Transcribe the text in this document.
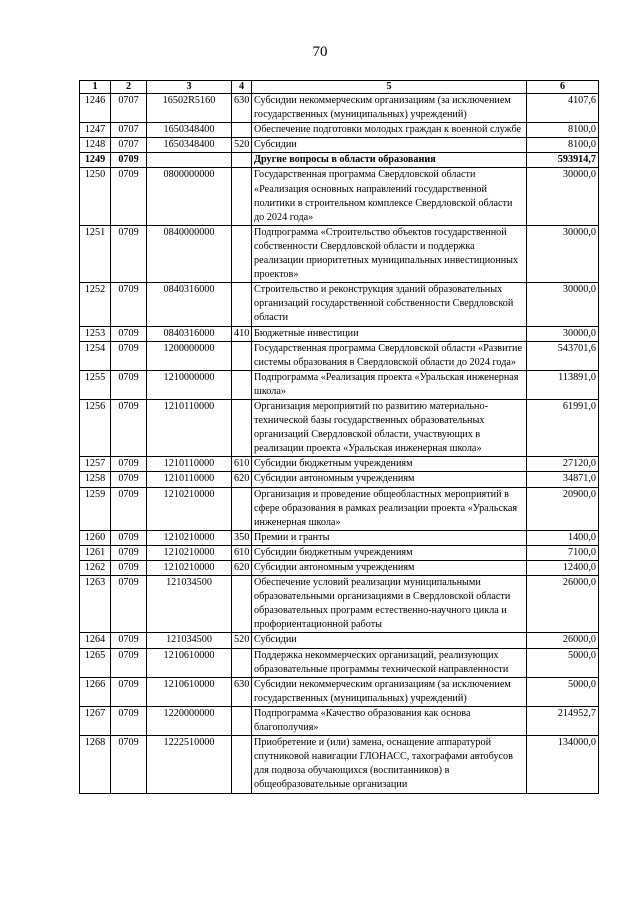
70
1	2	3	4	5	6
1246	0707	16502R5160	630	Субсидии некоммерческим организациям (за исключением государственных (муниципальных) учреждений)	4107,6
1247	0707	1650348400		Обеспечение подготовки молодых граждан к военной службе	8100,0
1248	0707	1650348400	520	Субсидии	8100,0
1249	0709			Другие вопросы в области образования	593914,7
1250	0709	0800000000		Государственная программа Свердловской области «Реализация основных направлений государственной политики в строительном комплексе Свердловской области до 2024 года»	30000,0
1251	0709	0840000000		Подпрограмма «Строительство объектов государственной собственности Свердловской области и поддержка реализации приоритетных муниципальных инвестиционных проектов»	30000,0
1252	0709	0840316000		Строительство и реконструкция зданий образовательных организаций государственной собственности Свердловской области	30000,0
1253	0709	0840316000	410	Бюджетные инвестиции	30000,0
1254	0709	1200000000		Государственная программа Свердловской области «Развитие системы образования в Свердловской области до 2024 года»	543701,6
1255	0709	1210000000		Подпрограмма «Реализация проекта «Уральская инженерная школа»	113891,0
1256	0709	1210110000		Организация мероприятий по развитию материально-технической базы государственных образовательных организаций Свердловской области, участвующих в реализации проекта «Уральская инженерная школа»	61991,0
1257	0709	1210110000	610	Субсидии бюджетным учреждениям	27120,0
1258	0709	1210110000	620	Субсидии автономным учреждениям	34871,0
1259	0709	1210210000		Организация и проведение общеобластных мероприятий в сфере образования в рамках реализации проекта «Уральская инженерная школа»	20900,0
1260	0709	1210210000	350	Премии и гранты	1400,0
1261	0709	1210210000	610	Субсидии бюджетным учреждениям	7100,0
1262	0709	1210210000	620	Субсидии автономным учреждениям	12400,0
1263	0709	121034500		Обеспечение условий реализации муниципальными образовательными организациями в Свердловской области образовательных программ естественно-научного цикла и профориентационной работы	26000,0
1264	0709	121034500	520	Субсидии	26000,0
1265	0709	1210610000		Поддержка некоммерческих организаций, реализующих образовательные программы технической направленности	5000,0
1266	0709	1210610000	630	Субсидии некоммерческим организациям (за исключением государственных (муниципальных) учреждений)	5000,0
1267	0709	1220000000		Подпрограмма «Качество образования как основа благополучия»	214952,7
1268	0709	1222510000		Приобретение и (или) замена, оснащение аппаратурой спутниковой навигации ГЛОНАСС, тахографами автобусов для подвоза обучающихся (воспитанников) в общеобразовательные организации	134000,0
